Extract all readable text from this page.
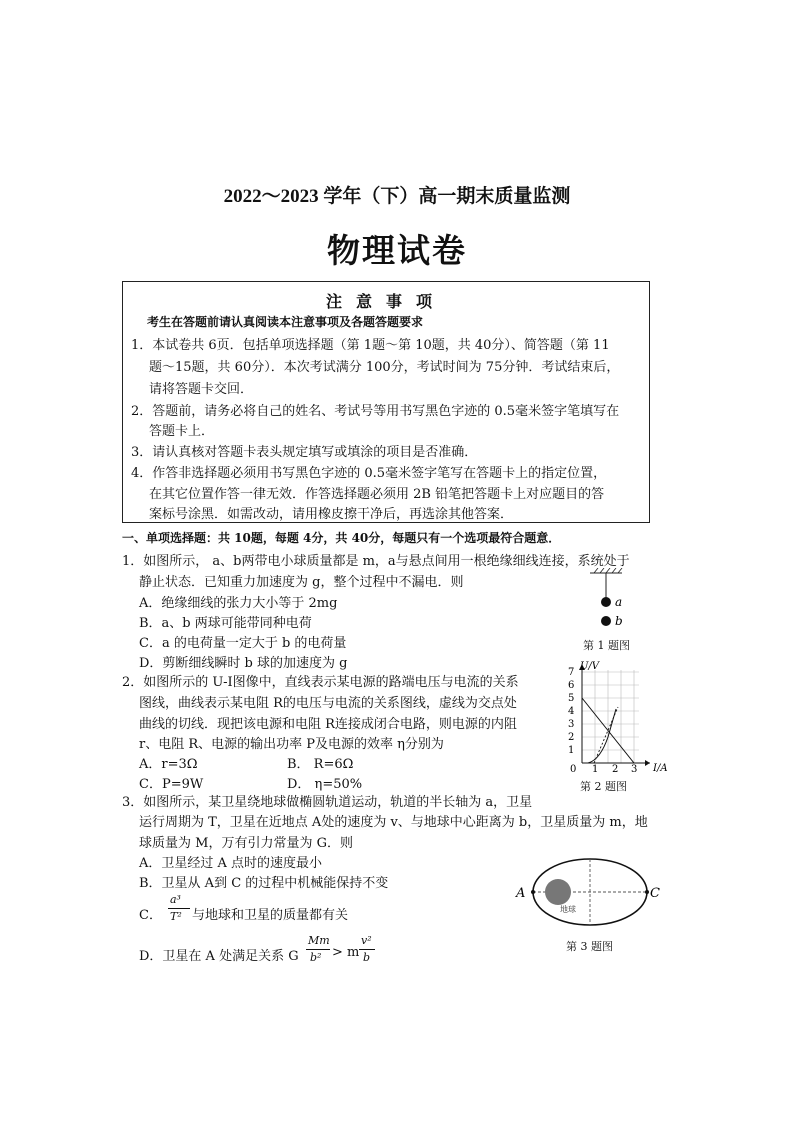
2022～2023 学年（下）高一期末质量监测
物理试卷
注意事项
考生在答题前请认真阅读本注意事项及各题答题要求
1．本试卷共 6页．包括单项选择题（第 1题～第 10题，共 40分）、简答题（第 11
题～15题，共 60分）．本次考试满分 100分，考试时间为 75分钟．考试结束后，
请将答题卡交回．
2．答题前，请务必将自己的姓名、考试号等用书写黑色字迹的 0.5毫米签字笔填写在
答题卡上．
3．请认真核对答题卡表头规定填写或填涂的项目是否准确．
4．作答非选择题必须用书写黑色字迹的 0.5毫米签字笔写在答题卡上的指定位置，
在其它位置作答一律无效．作答选择题必须用 2B 铅笔把答题卡上对应题目的答
案标号涂黑．如需改动，请用橡皮擦干净后，再选涂其他答案．
一、单项选择题：共 10题，每题 4分，共 40分，每题只有一个选项最符合题意．
1．如图所示， a、b两带电小球质量都是 m，a与悬点间用一根绝缘细线连接，系统处于
静止状态．已知重力加速度为 g，整个过程中不漏电．则
A．绝缘细线的张力大小等于 2mg
B．a、b 两球可能带同种电荷
C．a 的电荷量一定大于 b 的电荷量
D．剪断细线瞬时 b 球的加速度为 g
a
b
第 1 题图
2．如图所示的 U-I图像中，直线表示某电源的路端电压与电流的关系
图线，曲线表示某电阻 R的电压与电流的关系图线，虚线为交点处
曲线的切线．现把该电源和电阻 R连接成闭合电路，则电源的内阻
r、电阻 R、电源的输出功率 P及电源的效率 η分别为
A．r=3Ω	B． R=6Ω
C．P=9W	D． η=50%
7
6
5
4
3
2
1
0 1 2 3
U/V
I/A
第 2 题图
3．如图所示，某卫星绕地球做椭圆轨道运动，轨道的半长轴为 a，卫星
运行周期为 T，卫星在近地点 A处的速度为 v、与地球中心距离为 b，卫星质量为 m，地
球质量为 M，万有引力常量为 G．则
A．卫星经过 A 点时的速度最小
B．卫星从 A到 C 的过程中机械能保持不变
C．
a³
T² 与地球和卫星的质量都有关
D．卫星在 A 处满足关系 G
Mm
b² > m
v²
b
A	C
地球
第 3 题图
